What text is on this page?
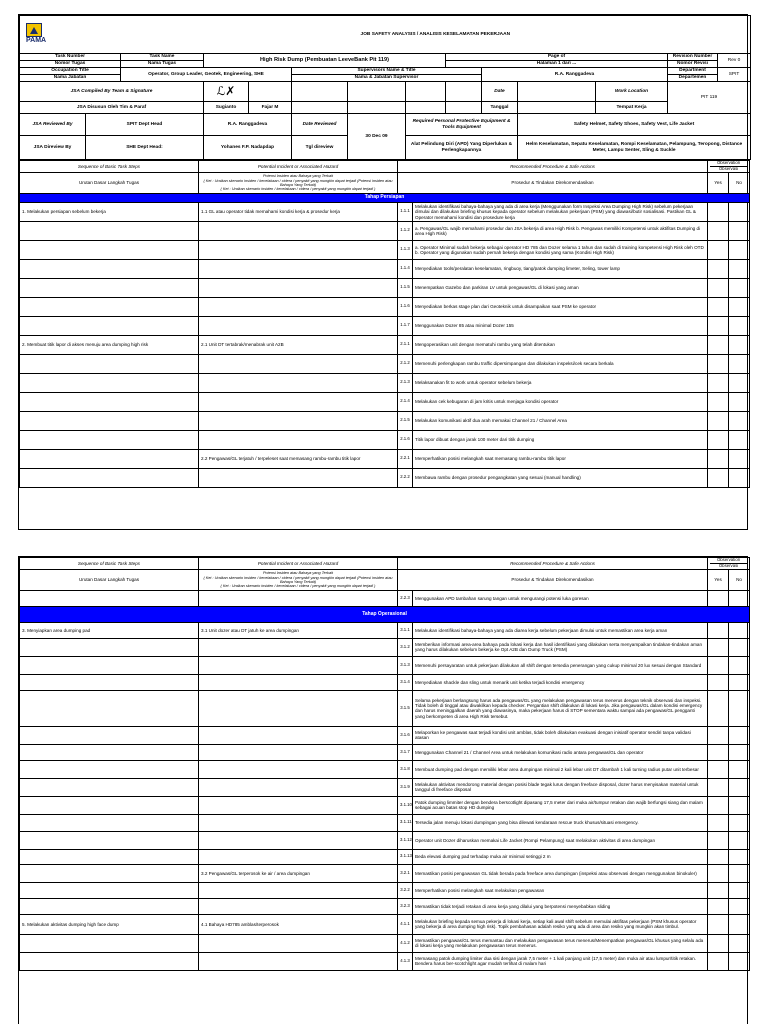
PAMA		JOB SAFETY ANALYSIS / ANALISIS KESELAMATAN PEKERJAAN											
Task Number		Task Name	High Risk Dump (Pembuatan LeeveBank Pit 119)					Page of				Revision Number	Rev 0
Nomor Tugas		Nama Tugas						Halaman 1 dari ...				Nomor Revisi	
Occupation Title		Operator, Group Leader, Geotek, Engineering, SHE			Supervisors Name & Title				R.A. Ranggadeva			Department	SPIT
Nama Jabatan					Nama & Jabatan Supervisor							Departemen	
JSA Compiled By Team & Signature			ℒ✗						Date		Work Location	PIT 119	
JSA Disusun Oleh Tim & Paraf			Sugianto	Fajar M					Tanggal		Tempat Kerja		
JSA Reviewed By	SPIT Dept Head		R.A. Ranggadeva		Date Reviewed	30 Dec 09	Required Personal Protective Equipment & Tools Equipment			Safety Helmet, Safety Shoes, Safety Vest, Life Jacket			
JSA Direview By	SHE Dept Head:		Yohanes F.P. Nadapdap		Tgl direview		Alat Pelindung Diri (APD) Yang Diperlukan & Perlengkapannya			Helm Keselamatan, Sepatu Keselamatan, Rompi Keselamatan, Pelampung, Teropong, Distance Meter, Lampu Senter, Sling & Suckle			
Sequence of Basic Task Steps	Potential Incident or Associated Hazard	Recommended Procedure & Safe Actions		Observation
Observasi	

Urutan Dasar Langkah Tugas	Potensi Insiden atau Bahaya yang Terkait
( Ket : Uraikan skenario insiden / kecelakaan / cidera / penyakit yang mungkin dapat terjadi (Potensi insiden atau Bahaya Yang Terkait)
( Ket : Uraikan skenario insiden / kecelakaan / cidera / penyakit yang mungkin dapat terjadi )	Prosedur & Tindakan Direkomendasikan		Yes	No
Tahap Persiapan					
1. Melakukan persiapan sebelum bekerja	1.1 GL atau operator tidak memahami kondisi kerja & prosedur kerja	1.1.1	Melakukan identifikasi bahaya-bahaya yang ada di area kerja (Menggunakan form Inspeksi Area Dumping High Risk) sebelum pekerjaan dimulai dan dilakukan briefing khusus kepada operator sebelum melakukan pekerjaan (PSM) yang diawasi/butir sosialisasi. Pastikan GL & Operator memahami kondisi dan prosedure kerja		
		1.1.2	a. Pengawas/GL wajib memahami prosedur dan JSA bekerja di area High Risk b. Pengawas memiliki Kompetensi untuk aktifitas Dumping di area High Risk)		
		1.1.3	a. Operator Minimal sudah bekerja sebagai operator HD 785 dan Dozer selama 1 tahun dan sudah di training kompetensi High Risk oleh OTD b. Operator yang digunakan sudah pernah bekerja dengan kondisi yang sama (Kondisi High Risk)		
		1.1.4	Menyediakan tools/peralatan keselamatan, ringbuoy, tiang/patok dumping limeter, Seling, tower lamp		
		1.1.5	Menempatkan Gazebo dan parkiran LV untuk pengawas/GL di lokasi yang aman		
		1.1.6	Menyediakan berkas stage plan dari Geoteknik untuk disampaikan saat PSM ke operator		
		1.1.7	Menggunakan Dozer 85 atau minimal Dozer 155		
2. Membuat titik lapor di akses menuju area dumping high risk	2.1 Unit DT tertabrak/menabrak unit A2B	2.1.1	Mengoperasikan unit dengan mematuhi rambu yang telah ditentukan		
		2.1.2	Memenuhi perlengkapan rambu traffic dipersimpangan dan dilakukan inspeksi/cek secara berkala		
		2.1.3	Melaksanakan fit to work untuk operator sebelum bekerja		
		2.1.4	Melakukan cek kebugaran di jam kritis untuk menjaga kondisi operator		
		2.1.5	Melakukan komunikasi aktif dua arah memakai Channel 21 / Channel Area		
		2.1.6	Titik lapor dibuat dengan jarak 100 meter dari titik dumping		
	2.2 Pengawas/GL terjatuh / terpeleset saat memasang rambu-rambu titik lapor	2.2.1	Memperhatikan posisi melangkah saat memasang rambu-rambu titik lapor		
		2.2.2	Membawa rambu dengan prosedur pengangkatan yang sesuai (manual handling)		
Sequence of Basic Task Steps	Potential Incident or Associated Hazard	Recommended Procedure & Safe Actions		Observation
Observasi	

Urutan Dasar Langkah Tugas	Potensi Insiden atau Bahaya yang Terkait
( Ket : Uraikan skenario insiden / kecelakaan / cidera / penyakit yang mungkin dapat terjadi (Potensi insiden atau Bahaya Yang Terkait)
( Ket : Uraikan skenario insiden / kecelakaan / cidera / penyakit yang mungkin dapat terjadi )	Prosedur & Tindakan Direkomendasikan		Yes	No
		2.2.3	Menggunakan APD tambahan sarung tangan untuk mengurangi potensi luka goresan		
Tahap Operasional					
3. Menyiapkan area dumping pad	3.1 Unit dozer atau DT jatuh ke area dumpingan	3.1.1	Melakukan identifikasi bahaya-bahaya yang ada diarea kerja sebelum pekerjaan dimulai untuk memastikan area kerja aman		
		3.1.2	Memberikan informasi area-area bahaya pada lokasi kerja dan hasil identifikasi yang dilakukan serta menyampaikan tindakan-tindakan aman yang harus dilakukan sebelum bekerja ke Opt A2B dan Dump Truck (PSM)		
		3.1.3	Memenuhi persayaratan untuk pekerjaan dilakukan all shift dengan tersedia penerangan yang cukup minimal 20 lux sesuai dengan Standard		
		3.1.4	Menyediakan shackle dan sling untuk menarik unit ketika terjadi kondisi emergency		
		3.1.5	Selama pekerjaan berlangsung harus ada pengawas/GL yang melakukan pengawasan terus menerus dengan teknik observasi dan inspeksi. Tidak boleh di tinggal atau diwakilkan kepada checker. Pergantian shift dilakukan di lokasi kerja. Jika pengawas/GL dalam kondisi emergency dan harus meninggalkan daerah yang diawasinya, maka pekerjaan harus di STOP sementara waktu sampai ada pengawas/GL pengganti yang berkompeten di area High Risk tersebut.		
		3.1.6	Melaporkan ke pengawas saat terjadi kondisi unit amblas, tidak boleh dilakukan evakuasi dengan inisiatif operator sendiri tanpa validasi atasan		
		3.1.7	Menggunakan Channel 21 / Channel Area untuk melakukan komunikasi radio antara pengawas/GL dan operator		
		3.1.8	Membuat dumping pad dengan memiliki lebar area dumpingan minimal 2 kali lebar unit DT ditambah 1 kali turning radius putar unit terbesar		
		3.1.9	Melakukan aktivitas mendorong material dengan posisi blade tegak lurus dengan freeface disposal, dozer harus menyisakan material untuk tanggul di freeface disposal		
		3.1.10	Patok dumping limmiter dengan bendera berscotlight dipasang 17,5 meter dari muka air/tumpur retakan dan wajib berfungsi siang dan malam sebagai acuan batas stop HD dumping		
		3.1.11	Tersedia jalan menuju lokasi dumpingan yang bisa dilewati kendaraan rescue truck khusus/situasi emergency.		
		3.1.12	Operator unit Dozer diharuskan memakai Life Jacket (Rompi Pelampung) saat melakukan aktivitas di area dumpingan		
		3.1.13	Beda elevasi dumping pad terhadap muka air minimal setinggi 2 m		
	3.2 Pengawas/GL terperosok ke air / area dumpingan	3.2.1	Memastikan posisi pengawasan GL tidak berada pada freeface area dumpingan (inspeksi atau observasi dengan menggunakan binokuler)		
		3.2.2	Memperhatikan posisi melangkah saat melakukan pengawasan		
		3.2.3	Memastikan tidak terjadi retakan di area kerja yang dilalui yang berpotensi menyebabkan sliding		
5. Melakukan aktivitas dumping high face dump	4.1 Bahaya HD785 amblas/terperosok	4.1.1	Melakukan briefing kepada semua pekerja di lokasi kerja, setiap kali awal shift sebelum memulai aktifitas pekerjaan (PSM khusus operator yang bekerja di area dumping high risk). Topik pembahasan adalah resiko yang ada di area dan resiko yang mungkin akan timbul.		
		4.1.2	Memastikan pengawas/GL terus memantau dan melakukan pengawasan terus menerus/Menempatkan pengawas/GL khusus yang selalu ada di lokasi kerja yang melakukan pengawasan terus menerus.		
		4.1.3	Memasang patok dumping limiter dua sisi dengan jarak 7,5 meter + 1 kali panjang unit (17,5 meter) dan muka air atau lumpur/titik retakan. Bendera harus ber-scotchlight agar mudah terlihat di malam hari		
